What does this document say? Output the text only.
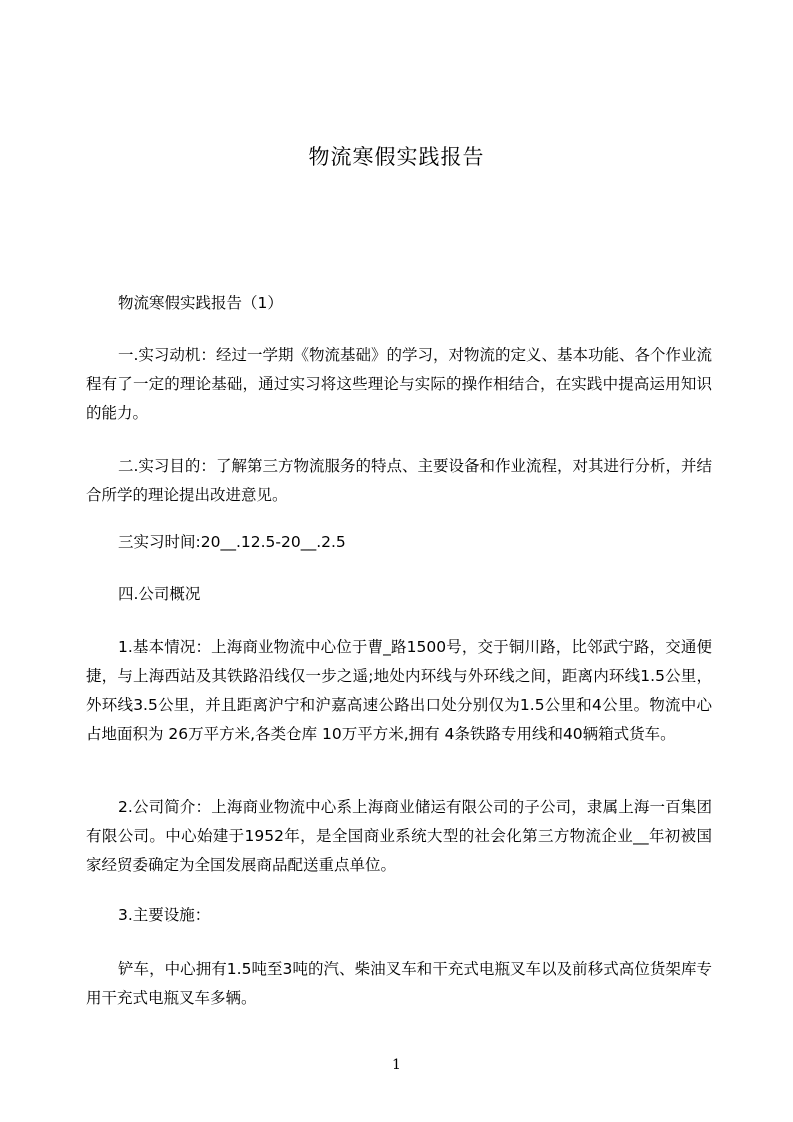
物流寒假实践报告

物流寒假实践报告（1）

一.实习动机：经过一学期《物流基础》的学习，对物流的定义、基本功能、各个作业流程有了一定的理论基础，通过实习将这些理论与实际的操作相结合，在实践中提高运用知识的能力。

二.实习目的：了解第三方物流服务的特点、主要设备和作业流程，对其进行分析，并结合所学的理论提出改进意见。

三实习时间:20__.12.5-20__.2.5

四.公司概况

1.基本情况：上海商业物流中心位于曹_路1500号，交于铜川路，比邻武宁路，交通便捷，与上海西站及其铁路沿线仅一步之遥;地处内环线与外环线之间，距离内环线1.5公里，外环线3.5公里，并且距离沪宁和沪嘉高速公路出口处分别仅为1.5公里和4公里。物流中心占地面积为 26万平方米,各类仓库 10万平方米,拥有 4条铁路专用线和40辆箱式货车。

2.公司简介：上海商业物流中心系上海商业储运有限公司的子公司，隶属上海一百集团有限公司。中心始建于1952年，是全国商业系统大型的社会化第三方物流企业__年初被国家经贸委确定为全国发展商品配送重点单位。

3.主要设施：

铲车，中心拥有1.5吨至3吨的汽、柴油叉车和干充式电瓶叉车以及前移式高位货架库专用干充式电瓶叉车多辆。

1
